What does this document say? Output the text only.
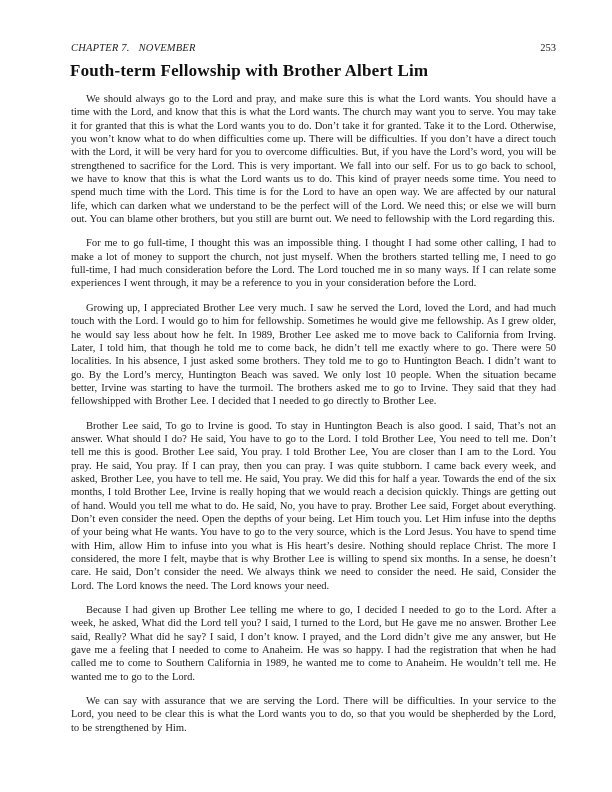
CHAPTER 7. NOVEMBER	253
Fouth-term Fellowship with Brother Albert Lim

We should always go to the Lord and pray, and make sure this is what the Lord wants. You should have a time with the Lord, and know that this is what the Lord wants. The church may want you to serve. You may take it for granted that this is what the Lord wants you to do. Don’t take it for granted. Take it to the Lord. Otherwise, you won’t know what to do when difficulties come up. There will be difficulties. If you don’t have a direct touch with the Lord, it will be very hard for you to overcome difficulties. But, if you have the Lord’s word, you will be strengthened to sacrifice for the Lord. This is very important. We fall into our self. For us to go back to school, we have to know that this is what the Lord wants us to do. This kind of prayer needs some time. You need to spend much time with the Lord. This time is for the Lord to have an open way. We are affected by our natural life, which can darken what we understand to be the perfect will of the Lord. We need this; or else we will burn out. You can blame other brothers, but you still are burnt out. We need to fellowship with the Lord regarding this.

For me to go full-time, I thought this was an impossible thing. I thought I had some other calling, I had to make a lot of money to support the church, not just myself. When the brothers started telling me, I need to go full-time, I had much consideration before the Lord. The Lord touched me in so many ways. If I can relate some experiences I went through, it may be a reference to you in your consideration before the Lord.

Growing up, I appreciated Brother Lee very much. I saw he served the Lord, loved the Lord, and had much touch with the Lord. I would go to him for fellowship. Sometimes he would give me fellowship. As I grew older, he would say less about how he felt. In 1989, Brother Lee asked me to move back to California from Irving. Later, I told him, that though he told me to come back, he didn’t tell me exactly where to go. There were 50 localities. In his absence, I just asked some brothers. They told me to go to Huntington Beach. I didn’t want to go. By the Lord’s mercy, Huntington Beach was saved. We only lost 10 people. When the situation became better, Irvine was starting to have the turmoil. The brothers asked me to go to Irvine. They said that they had fellowshipped with Brother Lee. I decided that I needed to go directly to Brother Lee.

Brother Lee said, To go to Irvine is good. To stay in Huntington Beach is also good. I said, That’s not an answer. What should I do? He said, You have to go to the Lord. I told Brother Lee, You need to tell me. Don’t tell me this is good. Brother Lee said, You pray. I told Brother Lee, You are closer than I am to the Lord. You pray. He said, You pray. If I can pray, then you can pray. I was quite stubborn. I came back every week, and asked, Brother Lee, you have to tell me. He said, You pray. We did this for half a year. Towards the end of the six months, I told Brother Lee, Irvine is really hoping that we would reach a decision quickly. Things are getting out of hand. Would you tell me what to do. He said, No, you have to pray. Brother Lee said, Forget about everything. Don’t even consider the need. Open the depths of your being. Let Him touch you. Let Him infuse into the depths of your being what He wants. You have to go to the very source, which is the Lord Jesus. You have to spend time with Him, allow Him to infuse into you what is His heart’s desire. Nothing should replace Christ. The more I considered, the more I felt, maybe that is why Brother Lee is willing to spend six months. In a sense, he doesn’t care. He said, Don’t consider the need. We always think we need to consider the need. He said, Consider the Lord. The Lord knows the need. The Lord knows your need.

Because I had given up Brother Lee telling me where to go, I decided I needed to go to the Lord. After a week, he asked, What did the Lord tell you? I said, I turned to the Lord, but He gave me no answer. Brother Lee said, Really? What did he say? I said, I don’t know. I prayed, and the Lord didn’t give me any answer, but He gave me a feeling that I needed to come to Anaheim. He was so happy. I had the registration that when he had called me to come to Southern California in 1989, he wanted me to come to Anaheim. He wouldn’t tell me. He wanted me to go to the Lord.

We can say with assurance that we are serving the Lord. There will be difficulties. In your service to the Lord, you need to be clear this is what the Lord wants you to do, so that you would be shepherded by the Lord, to be strengthened by Him.
